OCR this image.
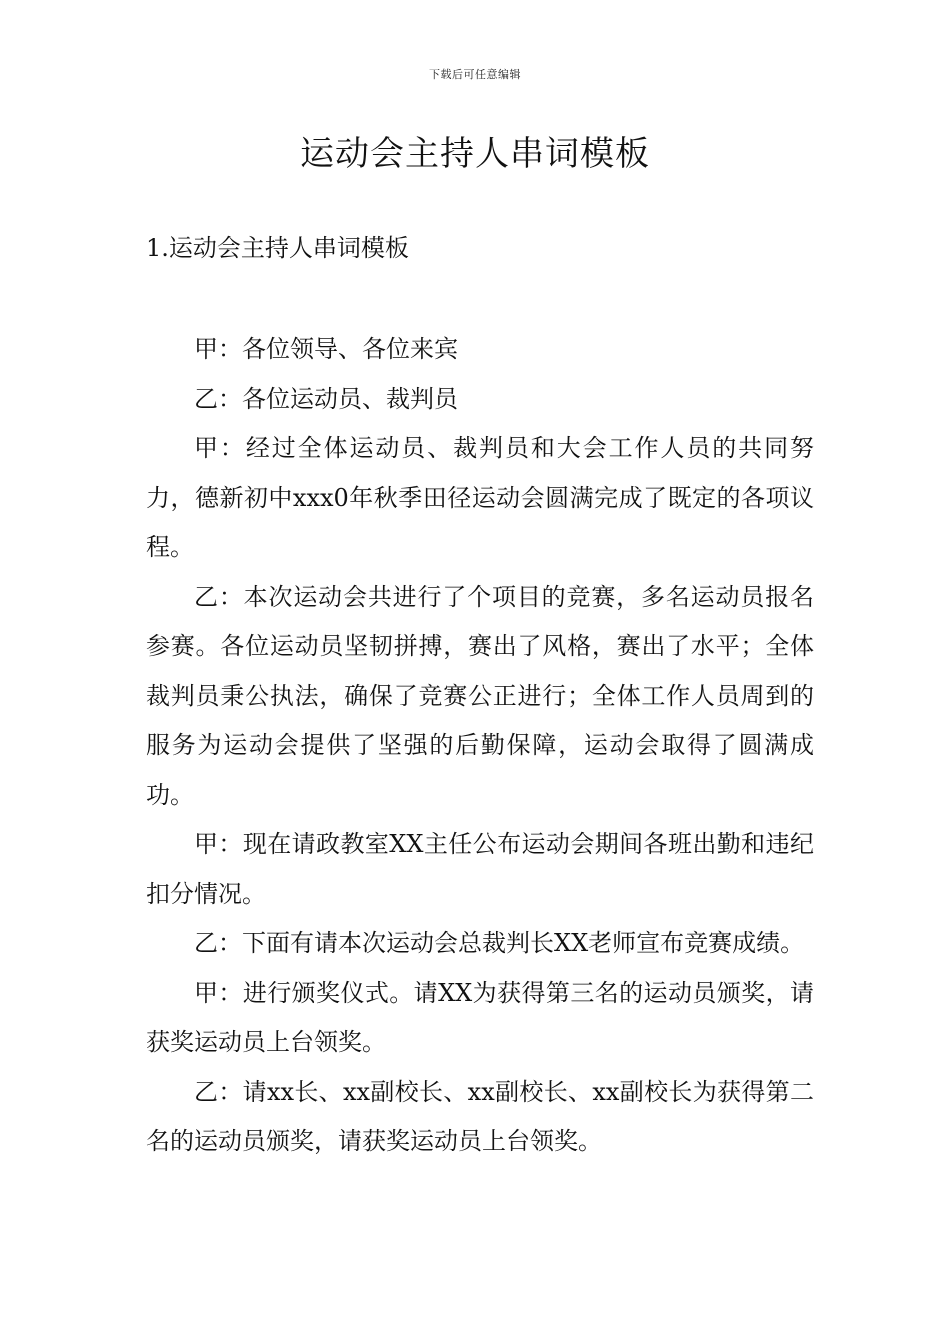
下载后可任意编辑
运动会主持人串词模板
1.运动会主持人串词模板

甲：各位领导、各位来宾

乙：各位运动员、裁判员

甲：经过全体运动员、裁判员和大会工作人员的共同努力，德新初中xxx0年秋季田径运动会圆满完成了既定的各项议程。

乙：本次运动会共进行了个项目的竞赛，多名运动员报名参赛。各位运动员坚韧拼搏，赛出了风格，赛出了水平；全体裁判员秉公执法，确保了竞赛公正进行；全体工作人员周到的服务为运动会提供了坚强的后勤保障，运动会取得了圆满成功。

甲：现在请政教室XX主任公布运动会期间各班出勤和违纪扣分情况。

乙：下面有请本次运动会总裁判长XX老师宣布竞赛成绩。

甲：进行颁奖仪式。请XX为获得第三名的运动员颁奖，请获奖运动员上台领奖。

乙：请xx长、xx副校长、xx副校长、xx副校长为获得第二名的运动员颁奖，请获奖运动员上台领奖。
